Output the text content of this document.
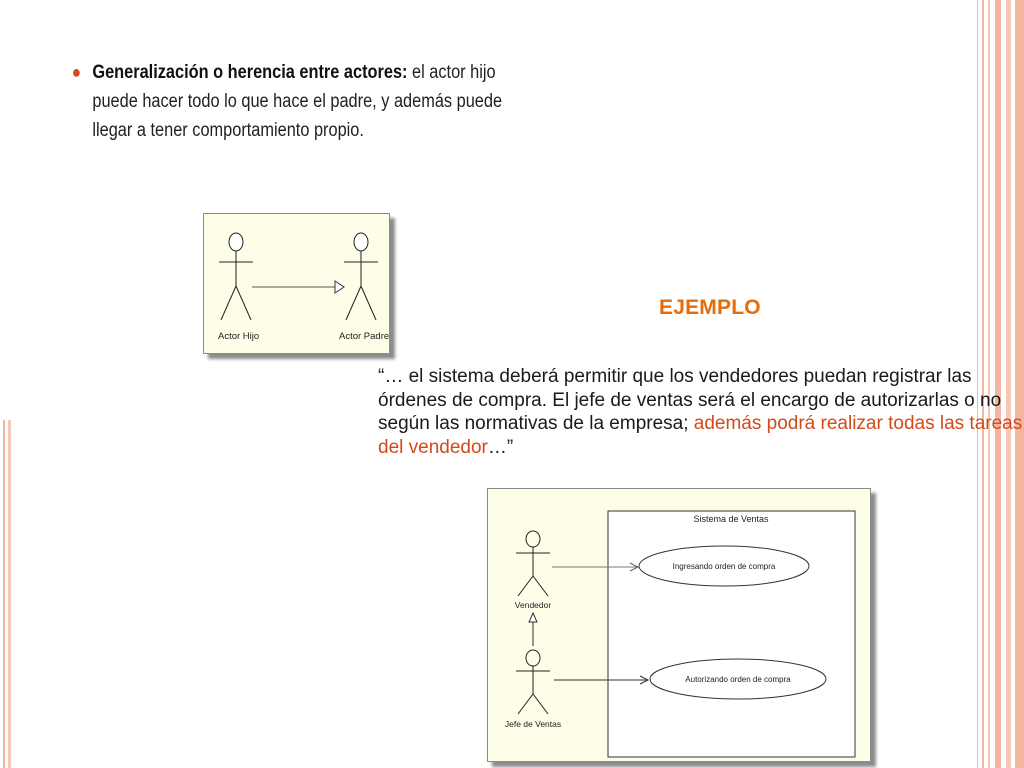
● Generalización o herencia entre actores: el actor hijo puede hacer todo lo que hace el padre, y además puede llegar a tener comportamiento propio.
Actor Hijo	Actor Padre
EJEMPLO
“… el sistema deberá permitir que los vendedores puedan registrar las órdenes de compra. El jefe de ventas será el encargo de autorizarlas o no según las normativas de la empresa; además podrá realizar todas las tareas del vendedor…”
Sistema de Ventas
Vendedor
Jefe de Ventas
Ingresando orden de compra
Autorizando orden de compra
